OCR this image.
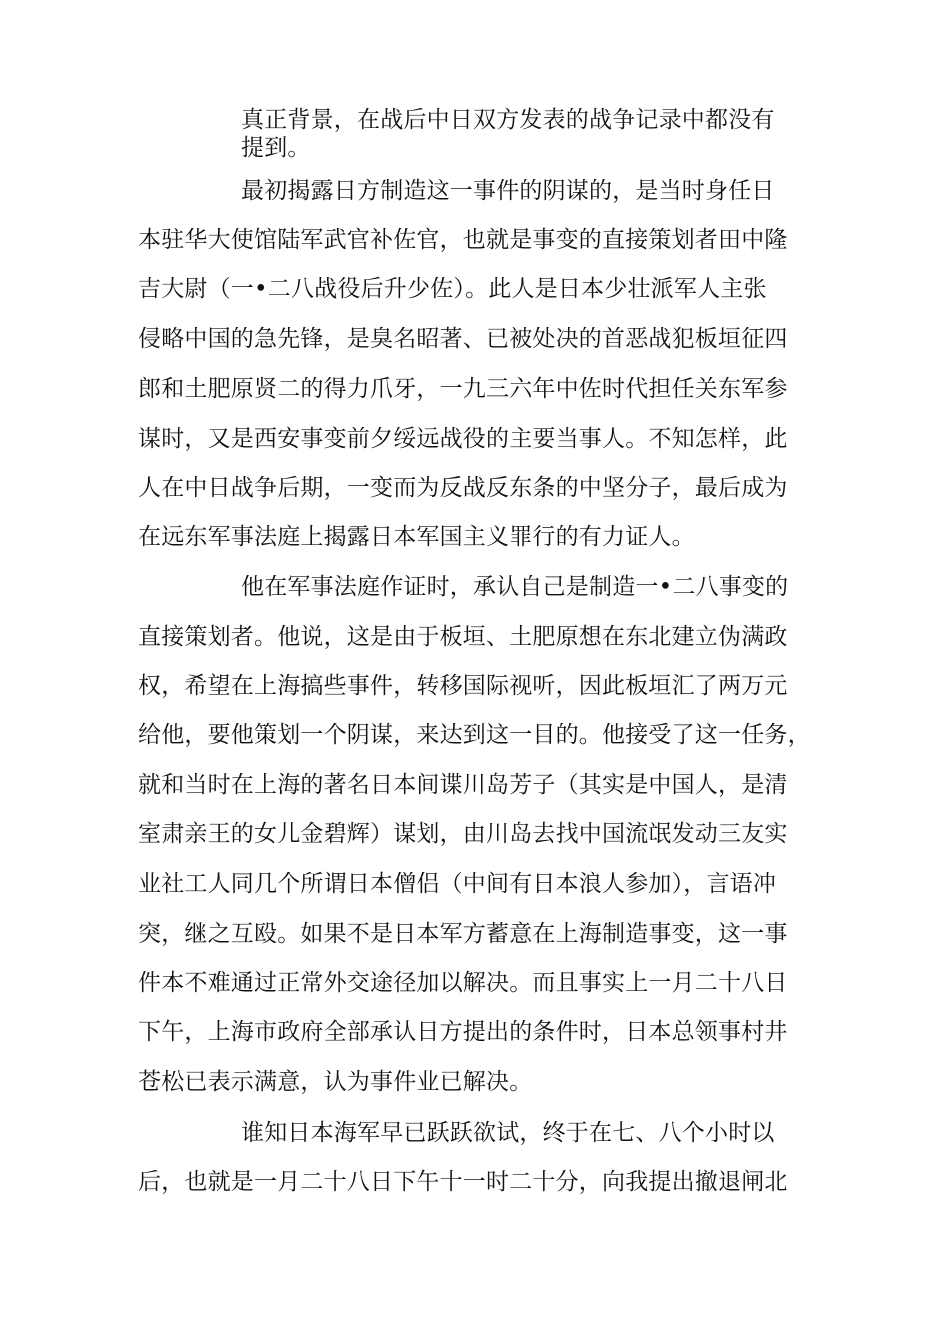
真正背景，在战后中日双方发表的战争记录中都没有
提到。
最初揭露日方制造这一事件的阴谋的，是当时身任日
本驻华大使馆陆军武官补佐官，也就是事变的直接策划者田中隆
吉大尉（一•二八战役后升少佐）。此人是日本少壮派军人主张
侵略中国的急先锋，是臭名昭著、已被处决的首恶战犯板垣征四
郎和土肥原贤二的得力爪牙，一九三六年中佐时代担任关东军参
谋时，又是西安事变前夕绥远战役的主要当事人。不知怎样，此
人在中日战争后期，一变而为反战反东条的中坚分子，最后成为
在远东军事法庭上揭露日本军国主义罪行的有力证人。
他在军事法庭作证时，承认自己是制造一•二八事变的
直接策划者。他说，这是由于板垣、土肥原想在东北建立伪满政
权，希望在上海搞些事件，转移国际视听，因此板垣汇了两万元
给他，要他策划一个阴谋，来达到这一目的。他接受了这一任务，
就和当时在上海的著名日本间谍川岛芳子（其实是中国人，是清
室肃亲王的女儿金碧辉）谋划，由川岛去找中国流氓发动三友实
业社工人同几个所谓日本僧侣（中间有日本浪人参加），言语冲
突，继之互殴。如果不是日本军方蓄意在上海制造事变，这一事
件本不难通过正常外交途径加以解决。而且事实上一月二十八日
下午，上海市政府全部承认日方提出的条件时，日本总领事村井
苍松已表示满意，认为事件业已解决。
谁知日本海军早已跃跃欲试，终于在七、八个小时以
后，也就是一月二十八日下午十一时二十分，向我提出撤退闸北
